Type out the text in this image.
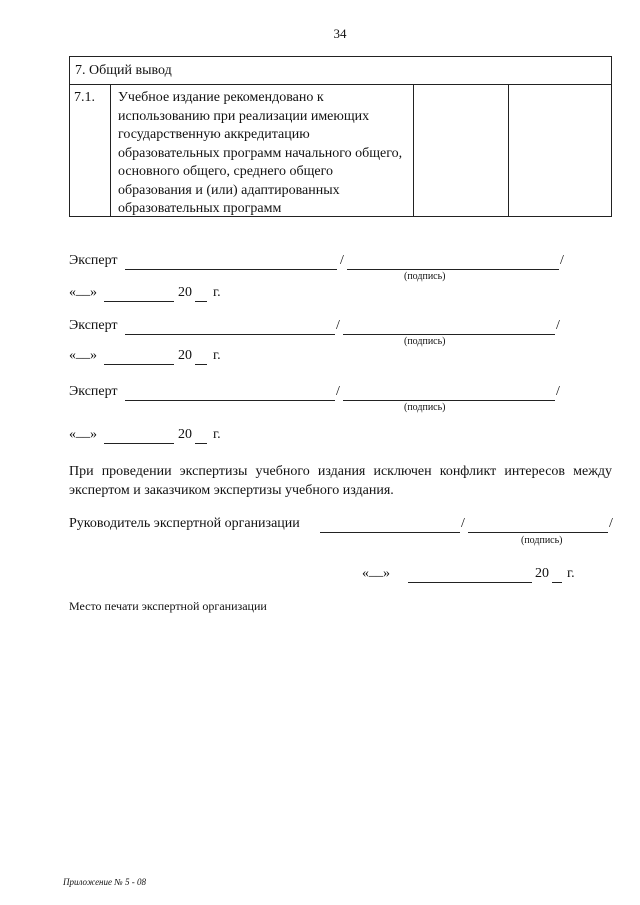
34
7. Общий вывод
7.1.	Учебное издание рекомендовано к использованию при реализации имеющих государственную аккредитацию образовательных программ начального общего, основного общего, среднего общего образования и (или) адаптированных образовательных программ
Эксперт	/	/
(подпись)
« __ »	20 г.
Эксперт	/	/
(подпись)
« __ »	20 г.
Эксперт	/	/
(подпись)
« __ »	20 г.
При проведении экспертизы учебного издания исключен конфликт интересов между экспертом и заказчиком экспертизы учебного издания.
Руководитель экспертной организации	/	/
(подпись)
« __ »	20 г.
Место печати экспертной организации
Приложение № 5 - 08
